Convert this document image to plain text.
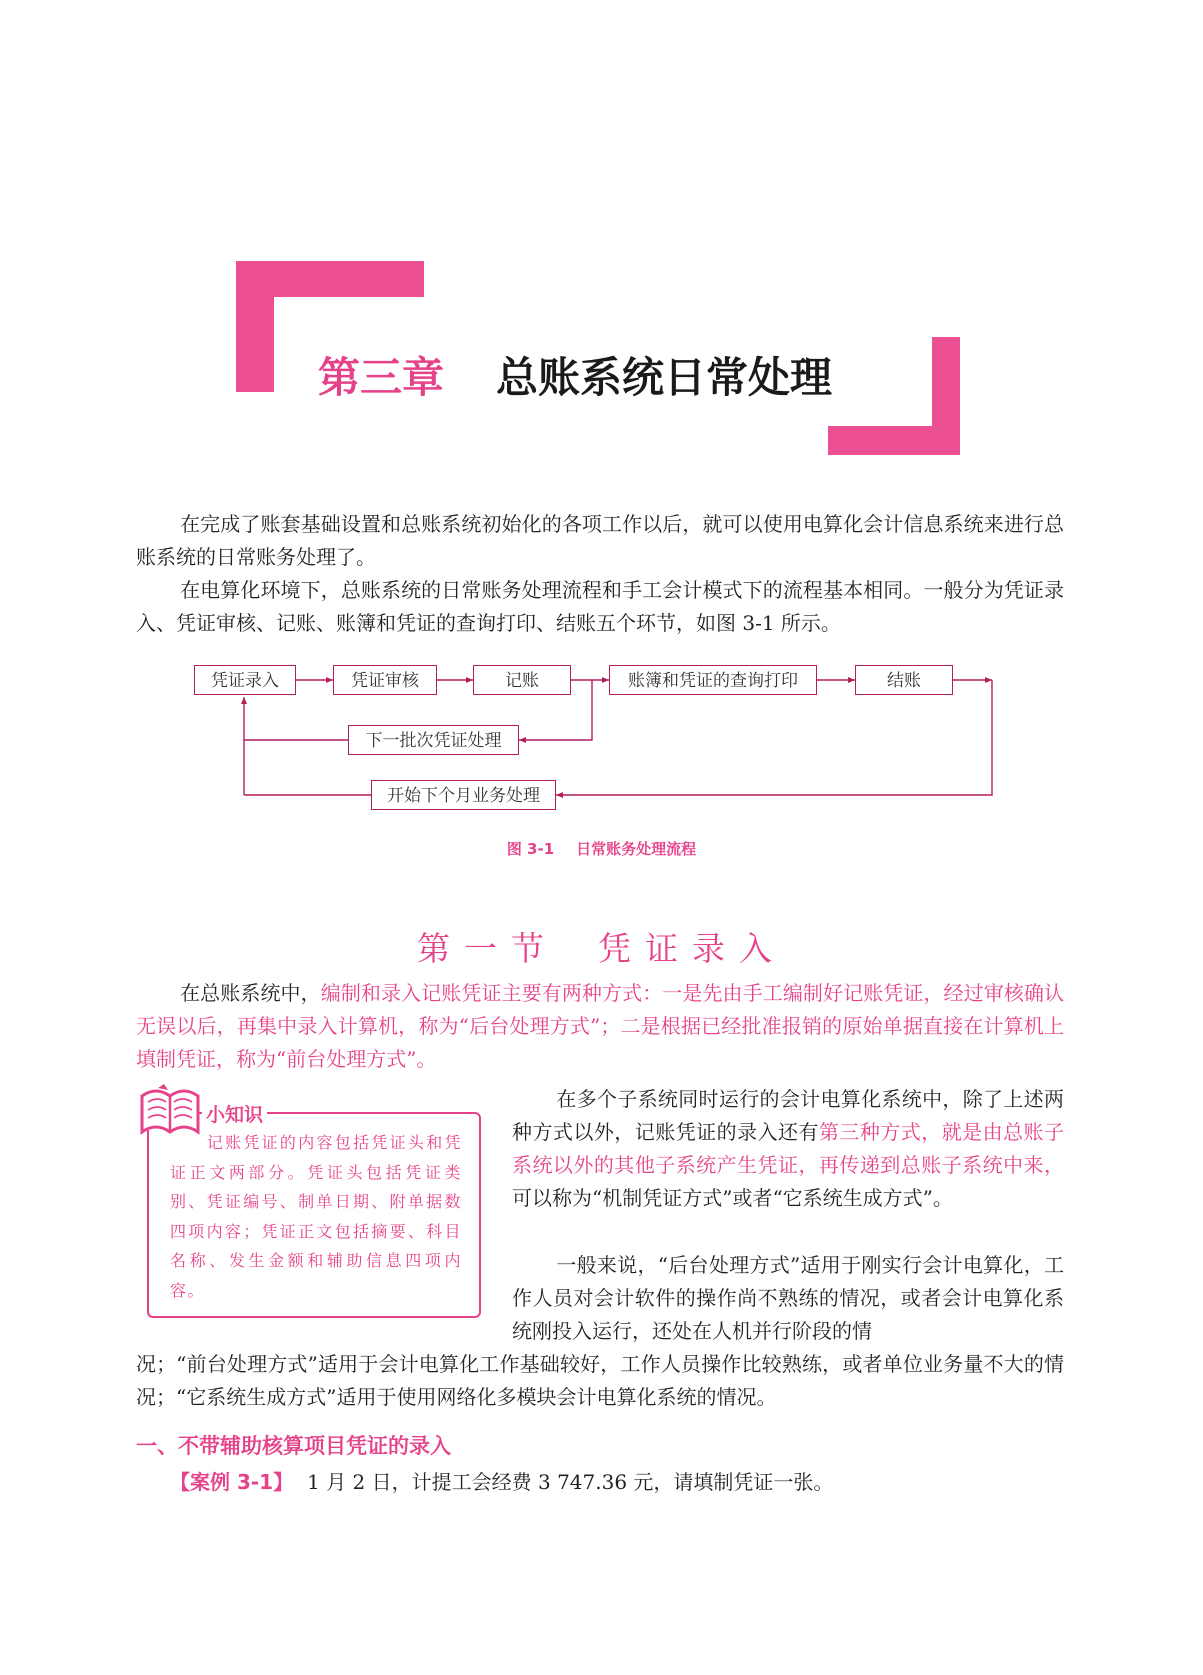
第三章 总账系统日常处理

在完成了账套基础设置和总账系统初始化的各项工作以后，就可以使用电算化会计信息系统来进行总账系统的日常账务处理了。

在电算化环境下，总账系统的日常账务处理流程和手工会计模式下的流程基本相同。一般分为凭证录入、凭证审核、记账、账簿和凭证的查询打印、结账五个环节，如图 3-1 所示。

凭证录入	凭证审核	记账	账簿和凭证的查询打印	结账
下一批次凭证处理
开始下个月业务处理
图 3-1 日常账务处理流程
第一节 凭证录入

在总账系统中，编制和录入记账凭证主要有两种方式：一是先由手工编制好记账凭证，经过审核确认无误以后，再集中录入计算机，称为“后台处理方式”；二是根据已经批准报销的原始单据直接在计算机上填制凭证，称为“前台处理方式”。

小知识

记账凭证的内容包括凭证头和凭证正文两部分。凭证头包括凭证类别、凭证编号、制单日期、附单据数四项内容；凭证正文包括摘要、科目名称、发生金额和辅助信息四项内容。

在多个子系统同时运行的会计电算化系统中，除了上述两种方式以外，记账凭证的录入还有第三种方式，就是由总账子系统以外的其他子系统产生凭证，再传递到总账子系统中来，可以称为“机制凭证方式”或者“它系统生成方式”。

一般来说，“后台处理方式”适用于刚实行会计电算化，工作人员对会计软件的操作尚不熟练的情况，或者会计电算化系统刚投入运行，还处在人机并行阶段的情

况；“前台处理方式”适用于会计电算化工作基础较好，工作人员操作比较熟练，或者单位业务量不大的情况；“它系统生成方式”适用于使用网络化多模块会计电算化系统的情况。

一、不带辅助核算项目凭证的录入
【案例 3-1】 1 月 2 日，计提工会经费 3 747.36 元，请填制凭证一张。
